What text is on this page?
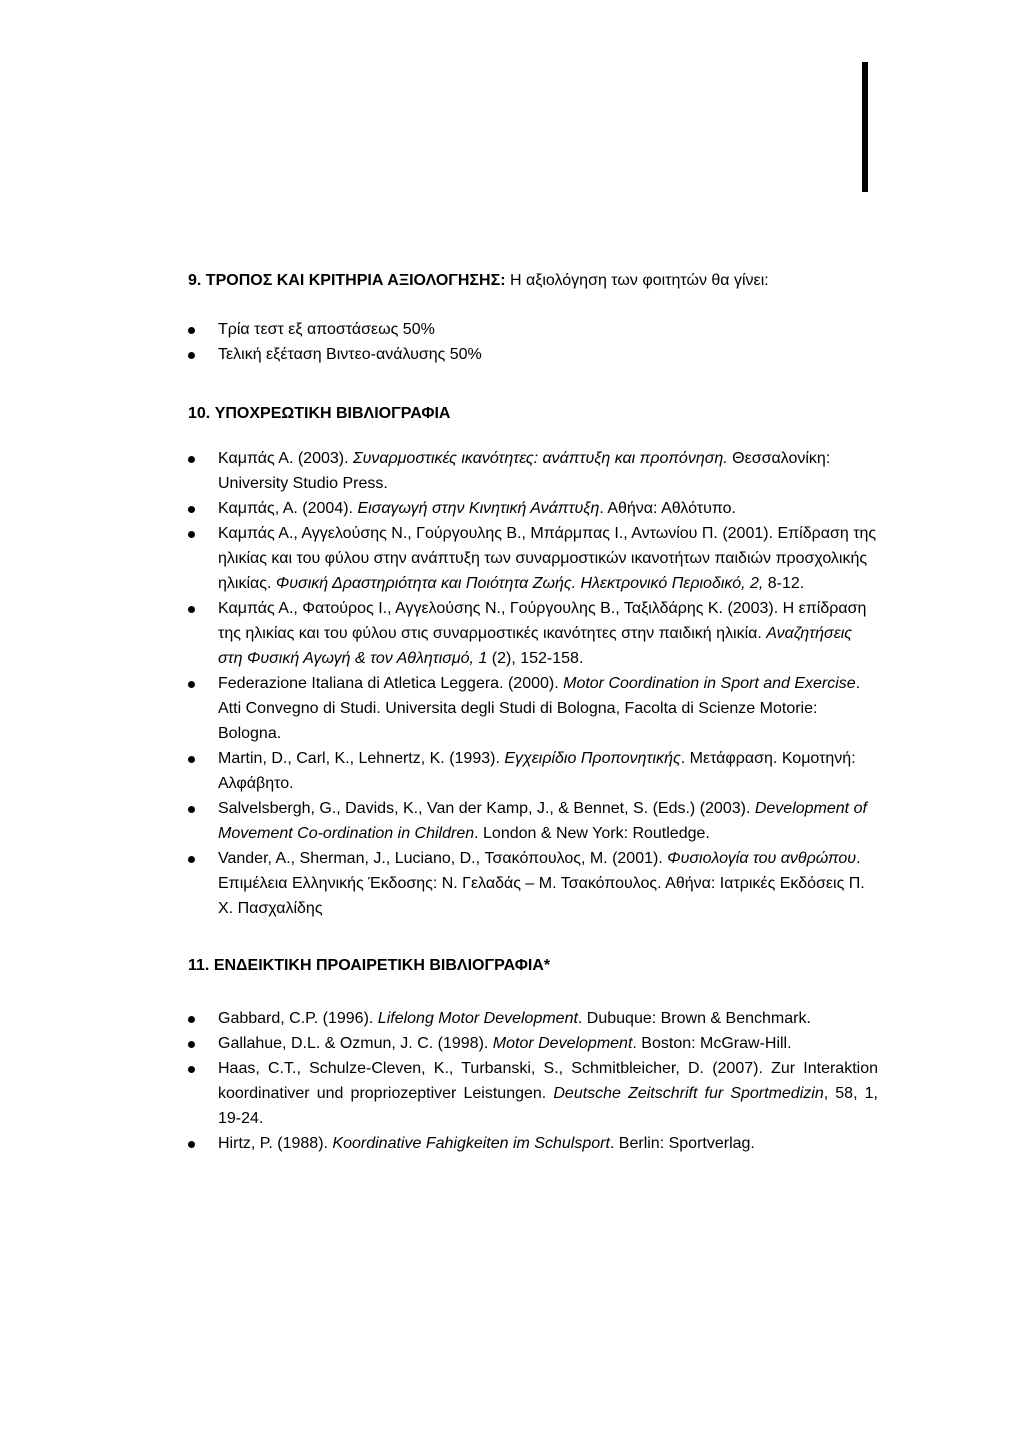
9. ΤΡΟΠΟΣ ΚΑΙ ΚΡΙΤΗΡΙΑ ΑΞΙΟΛΟΓΗΣΗΣ: Η αξιολόγηση των φοιτητών θα γίνει:

Τρία τεστ εξ αποστάσεως 50%
Τελική εξέταση Βιντεο-ανάλυσης 50%

10. ΥΠΟΧΡΕΩΤΙΚΗ ΒΙΒΛΙΟΓΡΑΦΙΑ

Καμπάς Α. (2003). Συναρμοστικές ικανότητες: ανάπτυξη και προπόνηση. Θεσσαλονίκη: University Studio Press.
Καμπάς, Α. (2004). Εισαγωγή στην Κινητική Ανάπτυξη. Αθήνα: Αθλότυπο.
Καμπάς Α., Αγγελούσης Ν., Γούργουλης Β., Μπάρμπας Ι., Αντωνίου Π. (2001). Επίδραση της ηλικίας και του φύλου στην ανάπτυξη των συναρμοστικών ικανοτήτων παιδιών προσχολικής ηλικίας. Φυσική Δραστηριότητα και Ποιότητα Ζωής. Ηλεκτρονικό Περιοδικό, 2, 8-12.
Καμπάς Α., Φατούρος Ι., Αγγελούσης Ν., Γούργουλης Β., Ταξιλδάρης Κ. (2003). Η επίδραση της ηλικίας και του φύλου στις συναρμοστικές ικανότητες στην παιδική ηλικία. Αναζητήσεις στη Φυσική Αγωγή & τον Αθλητισμό, 1 (2), 152-158.
Federazione Italiana di Atletica Leggera. (2000). Motor Coordination in Sport and Exercise. Atti Convegno di Studi. Universita degli Studi di Bologna, Facolta di Scienze Motorie: Bologna.
Martin, D., Carl, K., Lehnertz, K. (1993). Εγχειρίδιο Προπονητικής. Μετάφραση. Κομοτηνή: Αλφάβητο.
Salvelsbergh, G., Davids, K., Van der Kamp, J., & Bennet, S. (Eds.) (2003). Development of Movement Co-ordination in Children. London & New York: Routledge.
Vander, A., Sherman, J., Luciano, D., Τσακόπουλος, Μ. (2001). Φυσιολογία του ανθρώπου. Επιμέλεια Ελληνικής Έκδοσης: Ν. Γελαδάς – Μ. Τσακόπουλος. Αθήνα: Ιατρικές Εκδόσεις Π. Χ. Πασχαλίδης

11. ΕΝΔΕΙΚΤΙΚΗ ΠΡΟΑΙΡΕΤΙΚΗ ΒΙΒΛΙΟΓΡΑΦΙΑ*

Gabbard, C.P. (1996). Lifelong Motor Development. Dubuque: Brown & Benchmark.
Gallahue, D.L. & Ozmun, J. C. (1998). Motor Development. Boston: McGraw-Hill.
Haas, C.T., Schulze-Cleven, K., Turbanski, S., Schmitbleicher, D. (2007). Zur Interaktion koordinativer und propriozeptiver Leistungen. Deutsche Zeitschrift fur Sportmedizin, 58, 1, 19-24.
Hirtz, P. (1988). Koordinative Fahigkeiten im Schulsport. Berlin: Sportverlag.
